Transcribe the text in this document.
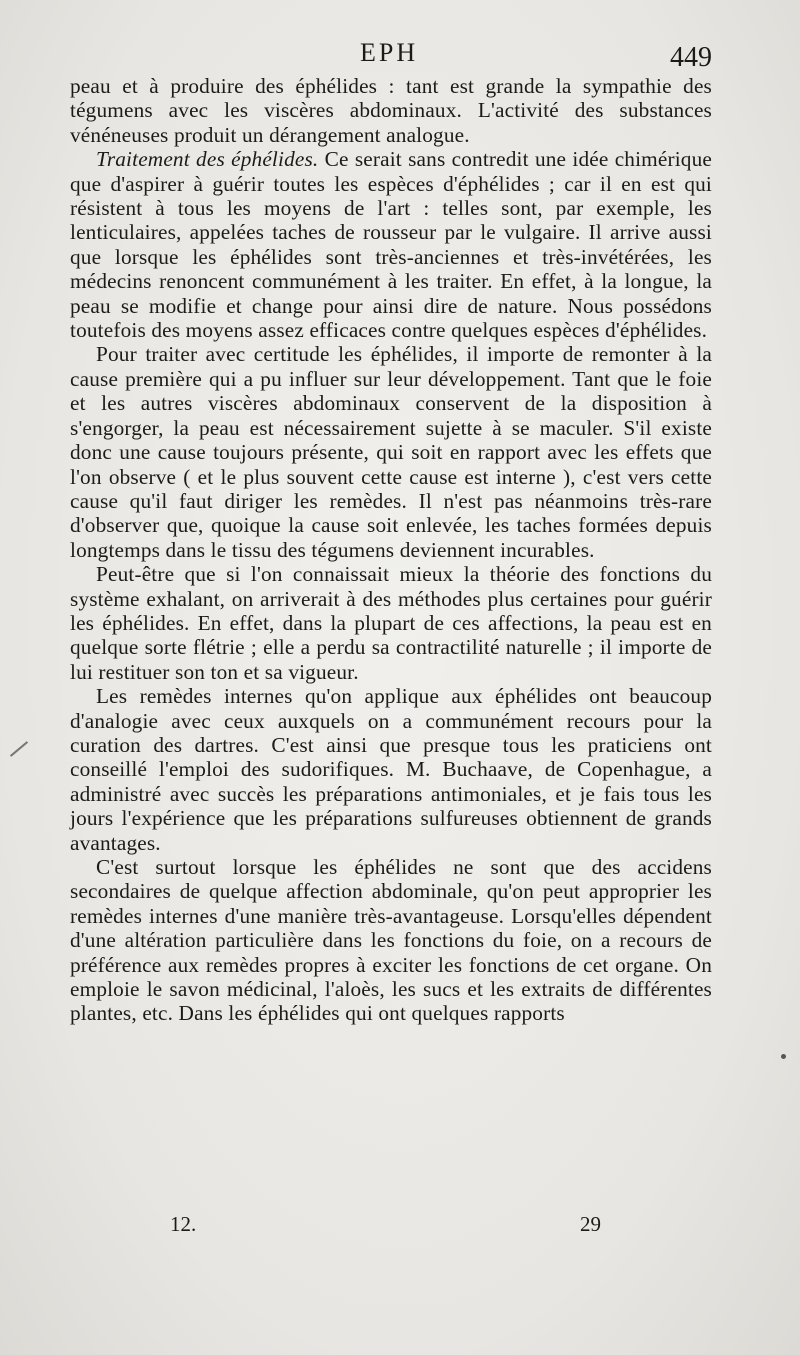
EPH	449

peau et à produire des éphélides : tant est grande la sympathie des tégumens avec les viscères abdominaux. L'activité des substances vénéneuses produit un dérangement analogue.

Traitement des éphélides. Ce serait sans contredit une idée chimérique que d'aspirer à guérir toutes les espèces d'éphélides ; car il en est qui résistent à tous les moyens de l'art : telles sont, par exemple, les lenticulaires, appelées taches de rousseur par le vulgaire. Il arrive aussi que lorsque les éphélides sont très-anciennes et très-invétérées, les médecins renoncent communément à les traiter. En effet, à la longue, la peau se modifie et change pour ainsi dire de nature. Nous possédons toutefois des moyens assez efficaces contre quelques espèces d'éphélides.

Pour traiter avec certitude les éphélides, il importe de remonter à la cause première qui a pu influer sur leur développement. Tant que le foie et les autres viscères abdominaux conservent de la disposition à s'engorger, la peau est nécessairement sujette à se maculer. S'il existe donc une cause toujours présente, qui soit en rapport avec les effets que l'on observe ( et le plus souvent cette cause est interne ), c'est vers cette cause qu'il faut diriger les remèdes. Il n'est pas néanmoins très-rare d'observer que, quoique la cause soit enlevée, les taches formées depuis longtemps dans le tissu des tégumens deviennent incurables.

Peut-être que si l'on connaissait mieux la théorie des fonctions du système exhalant, on arriverait à des méthodes plus certaines pour guérir les éphélides. En effet, dans la plupart de ces affections, la peau est en quelque sorte flétrie ; elle a perdu sa contractilité naturelle ; il importe de lui restituer son ton et sa vigueur.

Les remèdes internes qu'on applique aux éphélides ont beaucoup d'analogie avec ceux auxquels on a communément recours pour la curation des dartres. C'est ainsi que presque tous les praticiens ont conseillé l'emploi des sudorifiques. M. Buchaave, de Copenhague, a administré avec succès les préparations antimoniales, et je fais tous les jours l'expérience que les préparations sulfureuses obtiennent de grands avantages.

C'est surtout lorsque les éphélides ne sont que des accidens secondaires de quelque affection abdominale, qu'on peut approprier les remèdes internes d'une manière très-avantageuse. Lorsqu'elles dépendent d'une altération particulière dans les fonctions du foie, on a recours de préférence aux remèdes propres à exciter les fonctions de cet organe. On emploie le savon médicinal, l'aloès, les sucs et les extraits de différentes plantes, etc. Dans les éphélides qui ont quelques rapports

12.	29
